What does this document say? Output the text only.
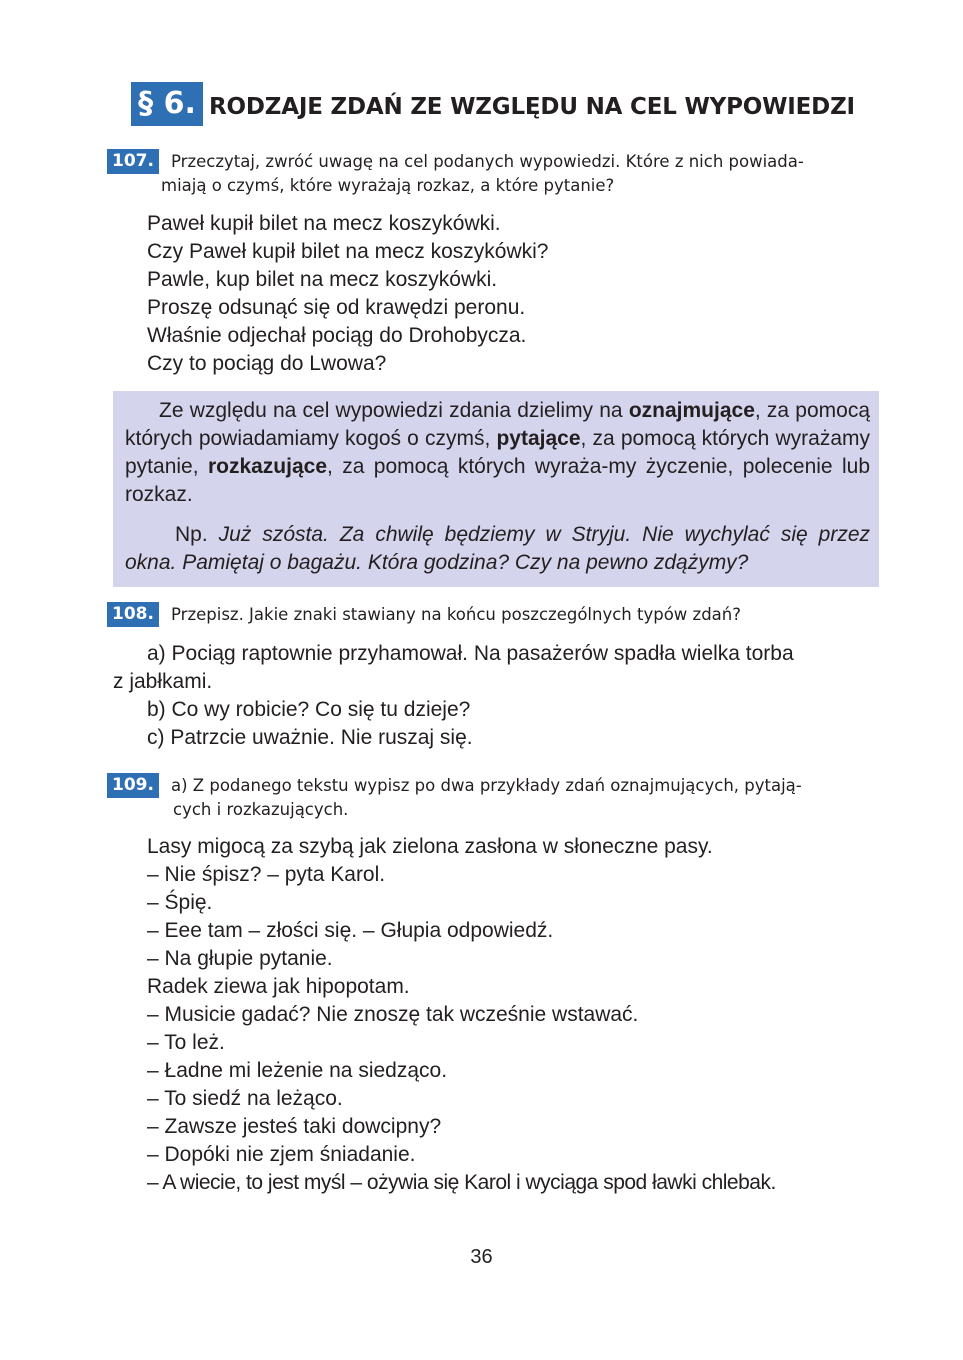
§ 6. RODZAJE ZDAŃ ZE WZGLĘDU NA CEL WYPOWIEDZI
107.	Przeczytaj, zwróć uwagę na cel podanych wypowiedzi. Które z nich powiada-
miają o czymś, które wyrażają rozkaz, a które pytanie?
Paweł kupił bilet na mecz koszykówki.
Czy Paweł kupił bilet na mecz koszykówki?
Pawle, kup bilet na mecz koszykówki.
Proszę odsunąć się od krawędzi peronu.
Właśnie odjechał pociąg do Drohobycza.
Czy to pociąg do Lwowa?

Ze względu na cel wypowiedzi zdania dzielimy na oznajmujące, za pomocą których powiadamiamy kogoś o czymś, pytające, za pomocą których wyrażamy pytanie, rozkazujące, za pomocą których wyraża-my życzenie, polecenie lub rozkaz.

Np. Już szósta. Za chwilę będziemy w Stryju. Nie wychylać się przez okna. Pamiętaj o bagażu. Która godzina? Czy na pewno zdążymy?

108.	Przepisz. Jakie znaki stawiany na końcu poszczególnych typów zdań?
a) Pociąg raptownie przyhamował. Na pasażerów spadła wielka torba
z jabłkami.
b) Co wy robicie? Co się tu dzieje?
c) Patrzcie uważnie. Nie ruszaj się.
109.	a) Z podanego tekstu wypisz po dwa przykłady zdań oznajmujących, pytają-
cych i rozkazujących.
Lasy migocą za szybą jak zielona zasłona w słoneczne pasy.
– Nie śpisz? – pyta Karol.
– Śpię.
– Eee tam – złości się. – Głupia odpowiedź.
– Na głupie pytanie.
Radek ziewa jak hipopotam.
– Musicie gadać? Nie znoszę tak wcześnie wstawać.
– To leż.
– Ładne mi leżenie na siedząco.
– To siedź na leżąco.
– Zawsze jesteś taki dowcipny?
– Dopóki nie zjem śniadanie.
– A wiecie, to jest myśl – ożywia się Karol i wyciąga spod ławki chlebak.
36
